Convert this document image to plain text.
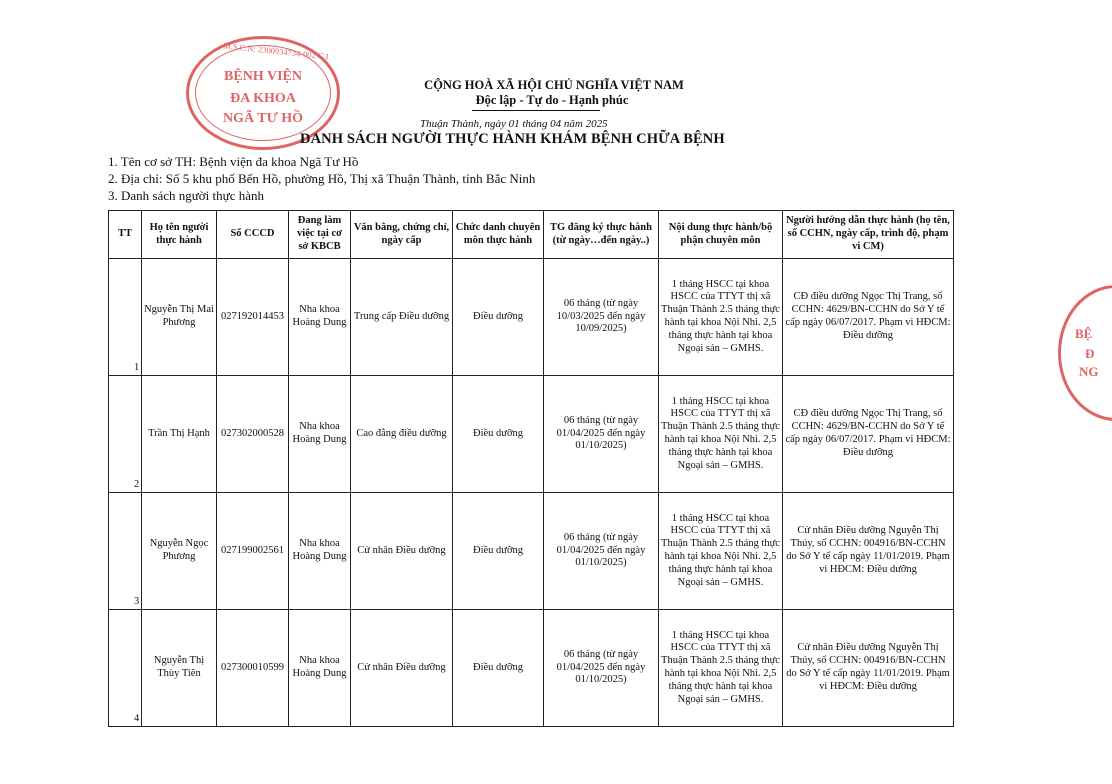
M.S.C.N: 2300934734-002 C.I
BỆNH VIỆN
ĐA KHOA
NGÃ TƯ HỒ
BỆ
Đ
NG
CỘNG HOÀ XÃ HỘI CHỦ NGHĨA VIỆT NAM
Độc lập - Tự do - Hạnh phúc
Thuận Thành, ngày 01 tháng 04 năm 2025
DANH SÁCH NGƯỜI THỰC HÀNH KHÁM BỆNH CHỮA BỆNH
1. Tên cơ sở TH: Bệnh viện đa khoa Ngã Tư Hồ
2. Địa chỉ: Số 5 khu phố Bến Hồ, phường Hồ, Thị xã Thuận Thành, tỉnh Bắc Ninh
3. Danh sách người thực hành
TT	Họ tên người thực hành	Số CCCD	Đang làm việc tại cơ sở KBCB	Văn bằng, chứng chỉ, ngày cấp	Chức danh chuyên môn thực hành	TG đăng ký thực hành (từ ngày…đến ngày..)	Nội dung thực hành/bộ phận chuyên môn	Người hướng dẫn thực hành (họ tên, số CCHN, ngày cấp, trình độ, phạm vi CM)
1	Nguyễn Thị Mai Phương	027192014453	Nha khoa Hoàng Dung	Trung cấp Điều dưỡng	Điều dưỡng	06 tháng (từ ngày 10/03/2025 đến ngày 10/09/2025)	1 tháng HSCC tại khoa HSCC của TTYT thị xã Thuận Thành 2.5 tháng thực hành tại khoa Nội Nhi. 2,5 tháng thực hành tại khoa Ngoại sản – GMHS.	CĐ điều dưỡng Ngọc Thị Trang, số CCHN: 4629/BN-CCHN do Sở Y tế cấp ngày 06/07/2017. Phạm vi HĐCM: Điều dưỡng
2	Trần Thị Hạnh	027302000528	Nha khoa Hoàng Dung	Cao đẳng điều dưỡng	Điều dưỡng	06 tháng (từ ngày 01/04/2025 đến ngày 01/10/2025)	1 tháng HSCC tại khoa HSCC của TTYT thị xã Thuận Thành 2.5 tháng thực hành tại khoa Nội Nhi. 2,5 tháng thực hành tại khoa Ngoại sản – GMHS.	CĐ điều dưỡng Ngọc Thị Trang, số CCHN: 4629/BN-CCHN do Sở Y tế cấp ngày 06/07/2017. Phạm vi HĐCM: Điều dưỡng
3	Nguyễn Ngọc Phương	027199002561	Nha khoa Hoàng Dung	Cử nhân Điều dưỡng	Điều dưỡng	06 tháng (từ ngày 01/04/2025 đến ngày 01/10/2025)	1 tháng HSCC tại khoa HSCC của TTYT thị xã Thuận Thành 2.5 tháng thực hành tại khoa Nội Nhi. 2,5 tháng thực hành tại khoa Ngoại sản – GMHS.	Cử nhân Điều dưỡng Nguyễn Thị Thúy, số CCHN: 004916/BN-CCHN do Sở Y tế cấp ngày 11/01/2019. Phạm vi HĐCM: Điều dưỡng
4	Nguyễn Thị Thùy Tiên	027300010599	Nha khoa Hoàng Dung	Cử nhân Điều dưỡng	Điều dưỡng	06 tháng (từ ngày 01/04/2025 đến ngày 01/10/2025)	1 tháng HSCC tại khoa HSCC của TTYT thị xã Thuận Thành 2.5 tháng thực hành tại khoa Nội Nhi. 2,5 tháng thực hành tại khoa Ngoại sản – GMHS.	Cử nhân Điều dưỡng Nguyễn Thị Thúy, số CCHN: 004916/BN-CCHN do Sở Y tế cấp ngày 11/01/2019. Phạm vi HĐCM: Điều dưỡng
